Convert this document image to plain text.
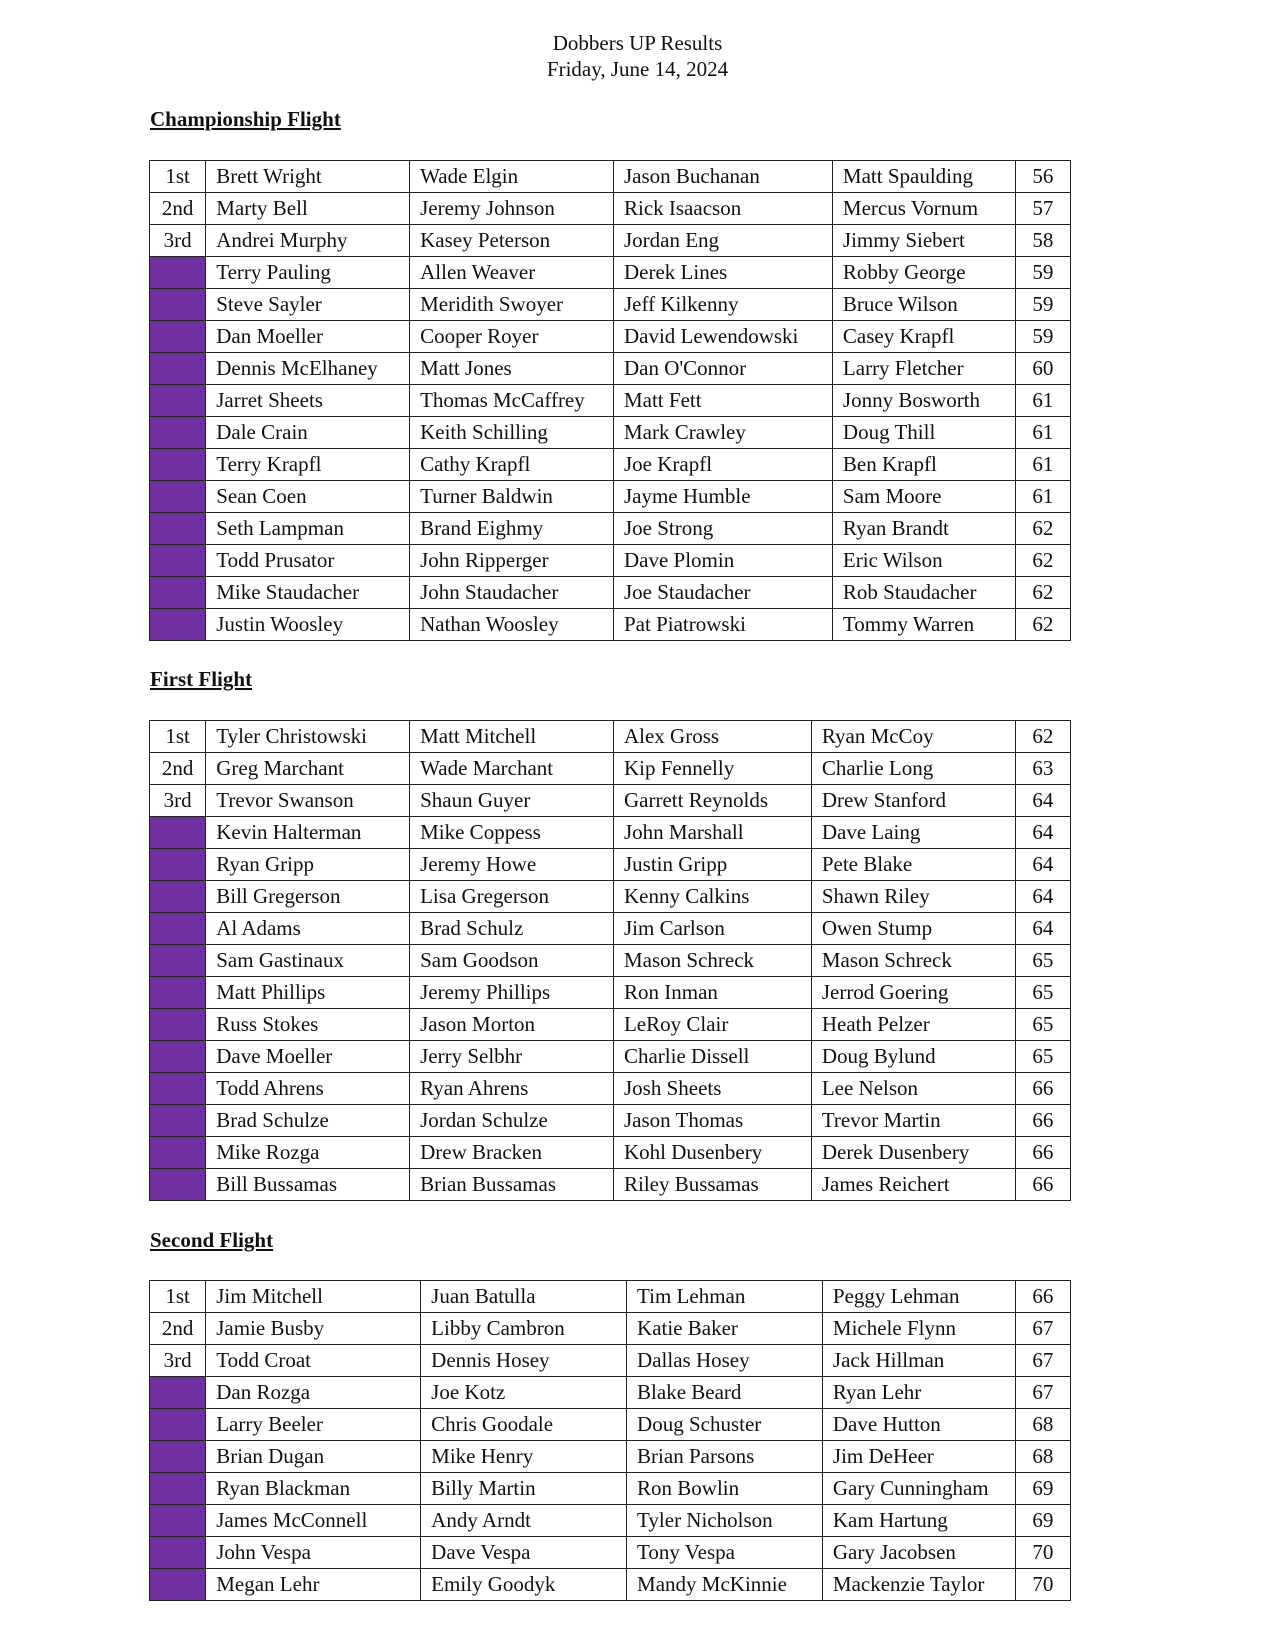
Dobbers UP Results
Friday, June 14, 2024
Championship Flight
1st	Brett Wright	Wade Elgin	Jason Buchanan	Matt Spaulding	56
2nd	Marty Bell	Jeremy Johnson	Rick Isaacson	Mercus Vornum	57
3rd	Andrei Murphy	Kasey Peterson	Jordan Eng	Jimmy Siebert	58
	Terry Pauling	Allen Weaver	Derek Lines	Robby George	59
	Steve Sayler	Meridith Swoyer	Jeff Kilkenny	Bruce Wilson	59
	Dan Moeller	Cooper Royer	David Lewendowski	Casey Krapfl	59
	Dennis McElhaney	Matt Jones	Dan O'Connor	Larry Fletcher	60
	Jarret Sheets	Thomas McCaffrey	Matt Fett	Jonny Bosworth	61
	Dale Crain	Keith Schilling	Mark Crawley	Doug Thill	61
	Terry Krapfl	Cathy Krapfl	Joe Krapfl	Ben Krapfl	61
	Sean Coen	Turner Baldwin	Jayme Humble	Sam Moore	61
	Seth Lampman	Brand Eighmy	Joe Strong	Ryan Brandt	62
	Todd Prusator	John Ripperger	Dave Plomin	Eric Wilson	62
	Mike Staudacher	John Staudacher	Joe Staudacher	Rob Staudacher	62
	Justin Woosley	Nathan Woosley	Pat Piatrowski	Tommy Warren	62
First Flight
1st	Tyler Christowski	Matt Mitchell	Alex Gross	Ryan McCoy	62
2nd	Greg Marchant	Wade Marchant	Kip Fennelly	Charlie Long	63
3rd	Trevor Swanson	Shaun Guyer	Garrett Reynolds	Drew Stanford	64
	Kevin Halterman	Mike Coppess	John Marshall	Dave Laing	64
	Ryan Gripp	Jeremy Howe	Justin Gripp	Pete Blake	64
	Bill Gregerson	Lisa Gregerson	Kenny Calkins	Shawn Riley	64
	Al Adams	Brad Schulz	Jim Carlson	Owen Stump	64
	Sam Gastinaux	Sam Goodson	Mason Schreck	Mason Schreck	65
	Matt Phillips	Jeremy Phillips	Ron Inman	Jerrod Goering	65
	Russ Stokes	Jason Morton	LeRoy Clair	Heath Pelzer	65
	Dave Moeller	Jerry Selbhr	Charlie Dissell	Doug Bylund	65
	Todd Ahrens	Ryan Ahrens	Josh Sheets	Lee Nelson	66
	Brad Schulze	Jordan Schulze	Jason Thomas	Trevor Martin	66
	Mike Rozga	Drew Bracken	Kohl Dusenbery	Derek Dusenbery	66
	Bill Bussamas	Brian Bussamas	Riley Bussamas	James Reichert	66
Second Flight
1st	Jim Mitchell	Juan Batulla	Tim Lehman	Peggy Lehman	66
2nd	Jamie Busby	Libby Cambron	Katie Baker	Michele Flynn	67
3rd	Todd Croat	Dennis Hosey	Dallas Hosey	Jack Hillman	67
	Dan Rozga	Joe Kotz	Blake Beard	Ryan Lehr	67
	Larry Beeler	Chris Goodale	Doug Schuster	Dave Hutton	68
	Brian Dugan	Mike Henry	Brian Parsons	Jim DeHeer	68
	Ryan Blackman	Billy Martin	Ron Bowlin	Gary Cunningham	69
	James McConnell	Andy Arndt	Tyler Nicholson	Kam Hartung	69
	John Vespa	Dave Vespa	Tony Vespa	Gary Jacobsen	70
	Megan Lehr	Emily Goodyk	Mandy McKinnie	Mackenzie Taylor	70
